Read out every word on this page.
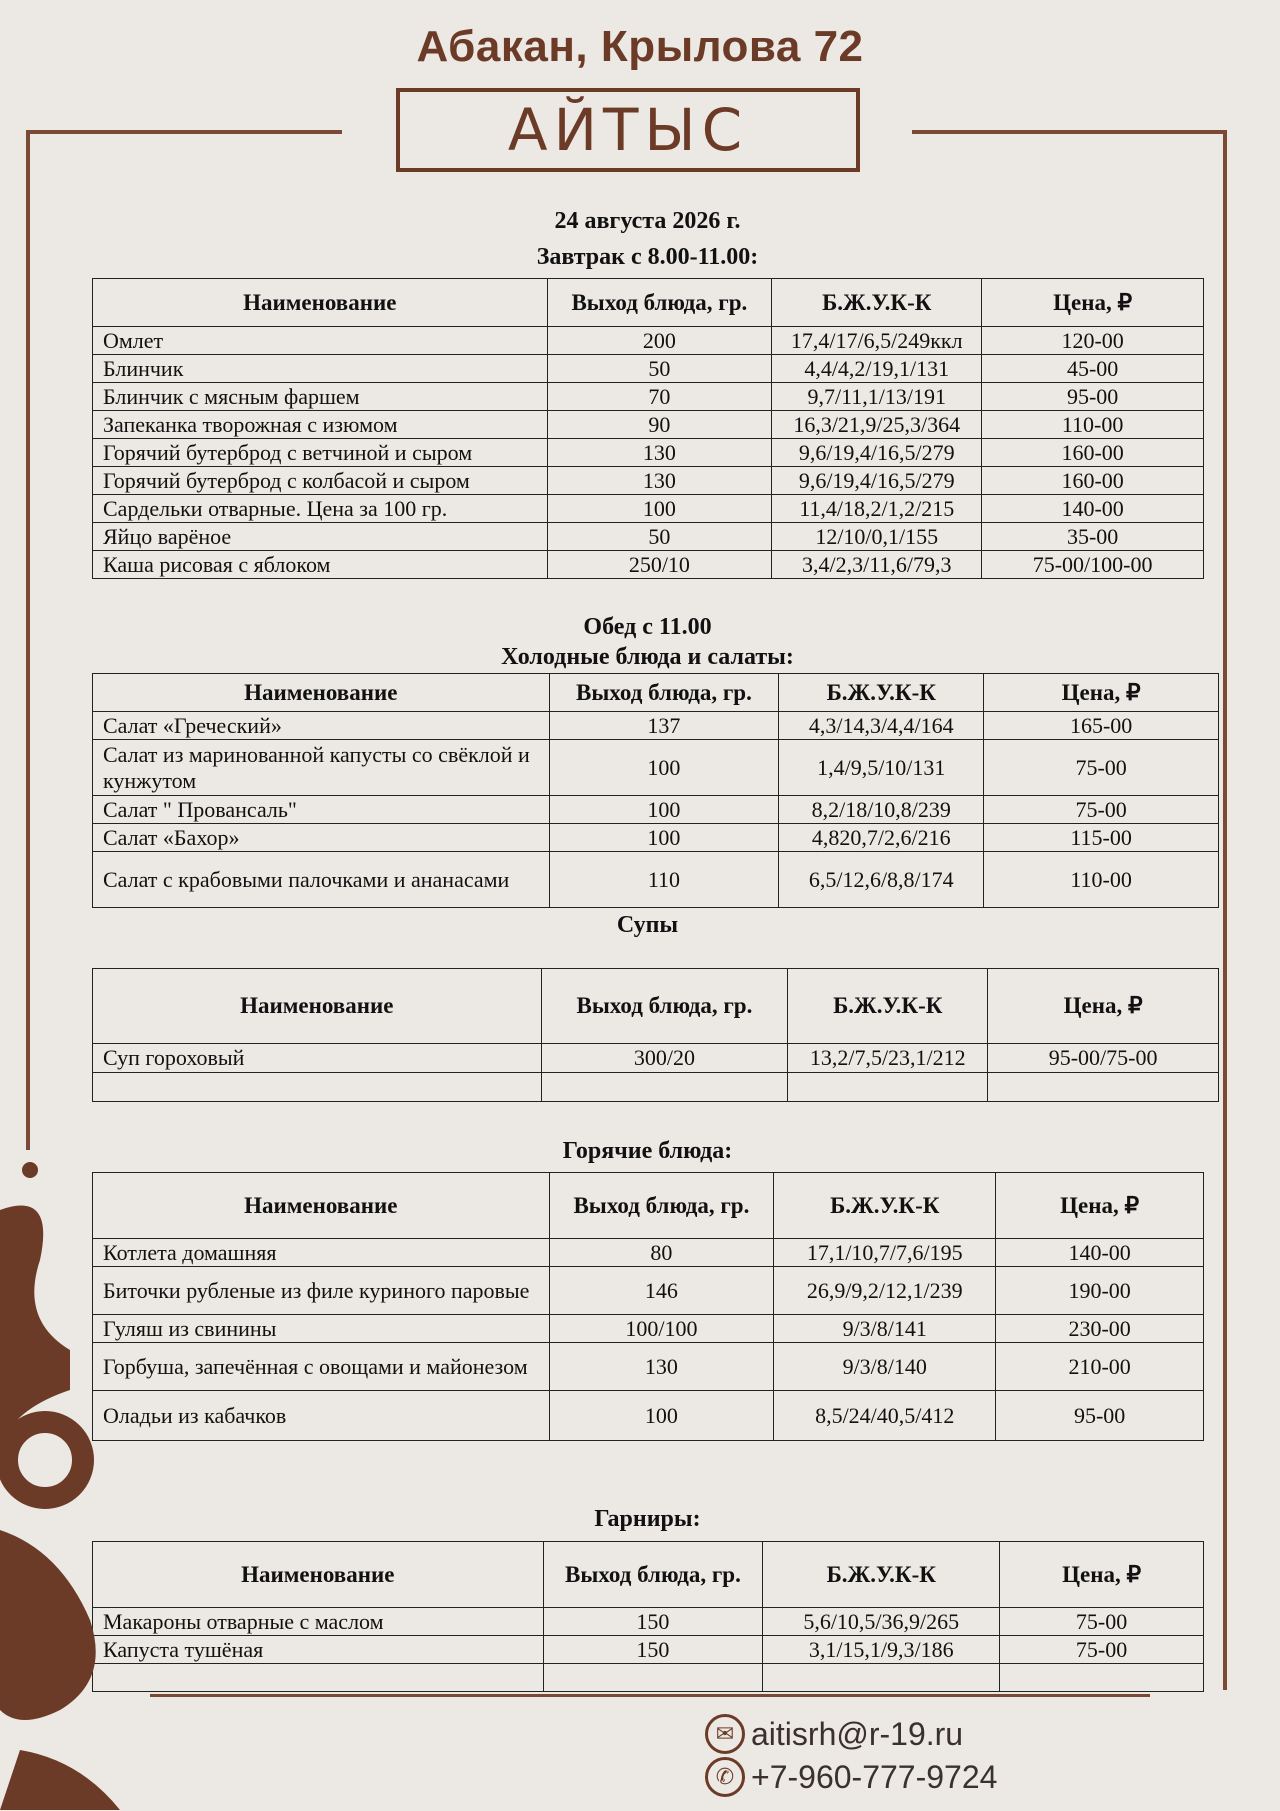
Абакан, Крылова 72
АЙТЫС
24 августа 2026 г.
Завтрак с 8.00-11.00:
Наименование	Выход блюда, гр.	Б.Ж.У.К-К	Цена, ₽
Омлет	200	17,4/17/6,5/249ккл	120-00
Блинчик	50	4,4/4,2/19,1/131	45-00
Блинчик с мясным фаршем	70	9,7/11,1/13/191	95-00
Запеканка творожная с изюмом	90	16,3/21,9/25,3/364	110-00
Горячий бутерброд с ветчиной и сыром	130	9,6/19,4/16,5/279	160-00
Горячий бутерброд с колбасой и сыром	130	9,6/19,4/16,5/279	160-00
Сардельки отварные. Цена за 100 гр.	100	11,4/18,2/1,2/215	140-00
Яйцо варёное	50	12/10/0,1/155	35-00
Каша рисовая с яблоком	250/10	3,4/2,3/11,6/79,3	75-00/100-00
Обед с 11.00
Холодные блюда и салаты:
Наименование	Выход блюда, гр.	Б.Ж.У.К-К	Цена, ₽
Салат «Греческий»	137	4,3/14,3/4,4/164	165-00
Салат из маринованной капусты со свёклой и кунжутом	100	1,4/9,5/10/131	75-00
Салат " Провансаль"	100	8,2/18/10,8/239	75-00
Салат «Бахор»	100	4,820,7/2,6/216	115-00
Салат с крабовыми палочками и ананасами	110	6,5/12,6/8,8/174	110-00
Супы
Наименование	Выход блюда, гр.	Б.Ж.У.К-К	Цена, ₽
Суп гороховый	300/20	13,2/7,5/23,1/212	95-00/75-00

Горячие блюда:
Наименование	Выход блюда, гр.	Б.Ж.У.К-К	Цена, ₽
Котлета домашняя	80	17,1/10,7/7,6/195	140-00
Биточки рубленые из филе куриного паровые	146	26,9/9,2/12,1/239	190-00
Гуляш из свинины	100/100	9/3/8/141	230-00
Горбуша, запечённая с овощами и майонезом	130	9/3/8/140	210-00
Оладьи из кабачков	100	8,5/24/40,5/412	95-00
Гарниры:
Наименование	Выход блюда, гр.	Б.Ж.У.К-К	Цена, ₽
Макароны отварные с маслом	150	5,6/10,5/36,9/265	75-00
Капуста тушёная	150	3,1/15,1/9,3/186	75-00

✉ aitisrh@r-19.ru
✆ +7-960-777-9724
